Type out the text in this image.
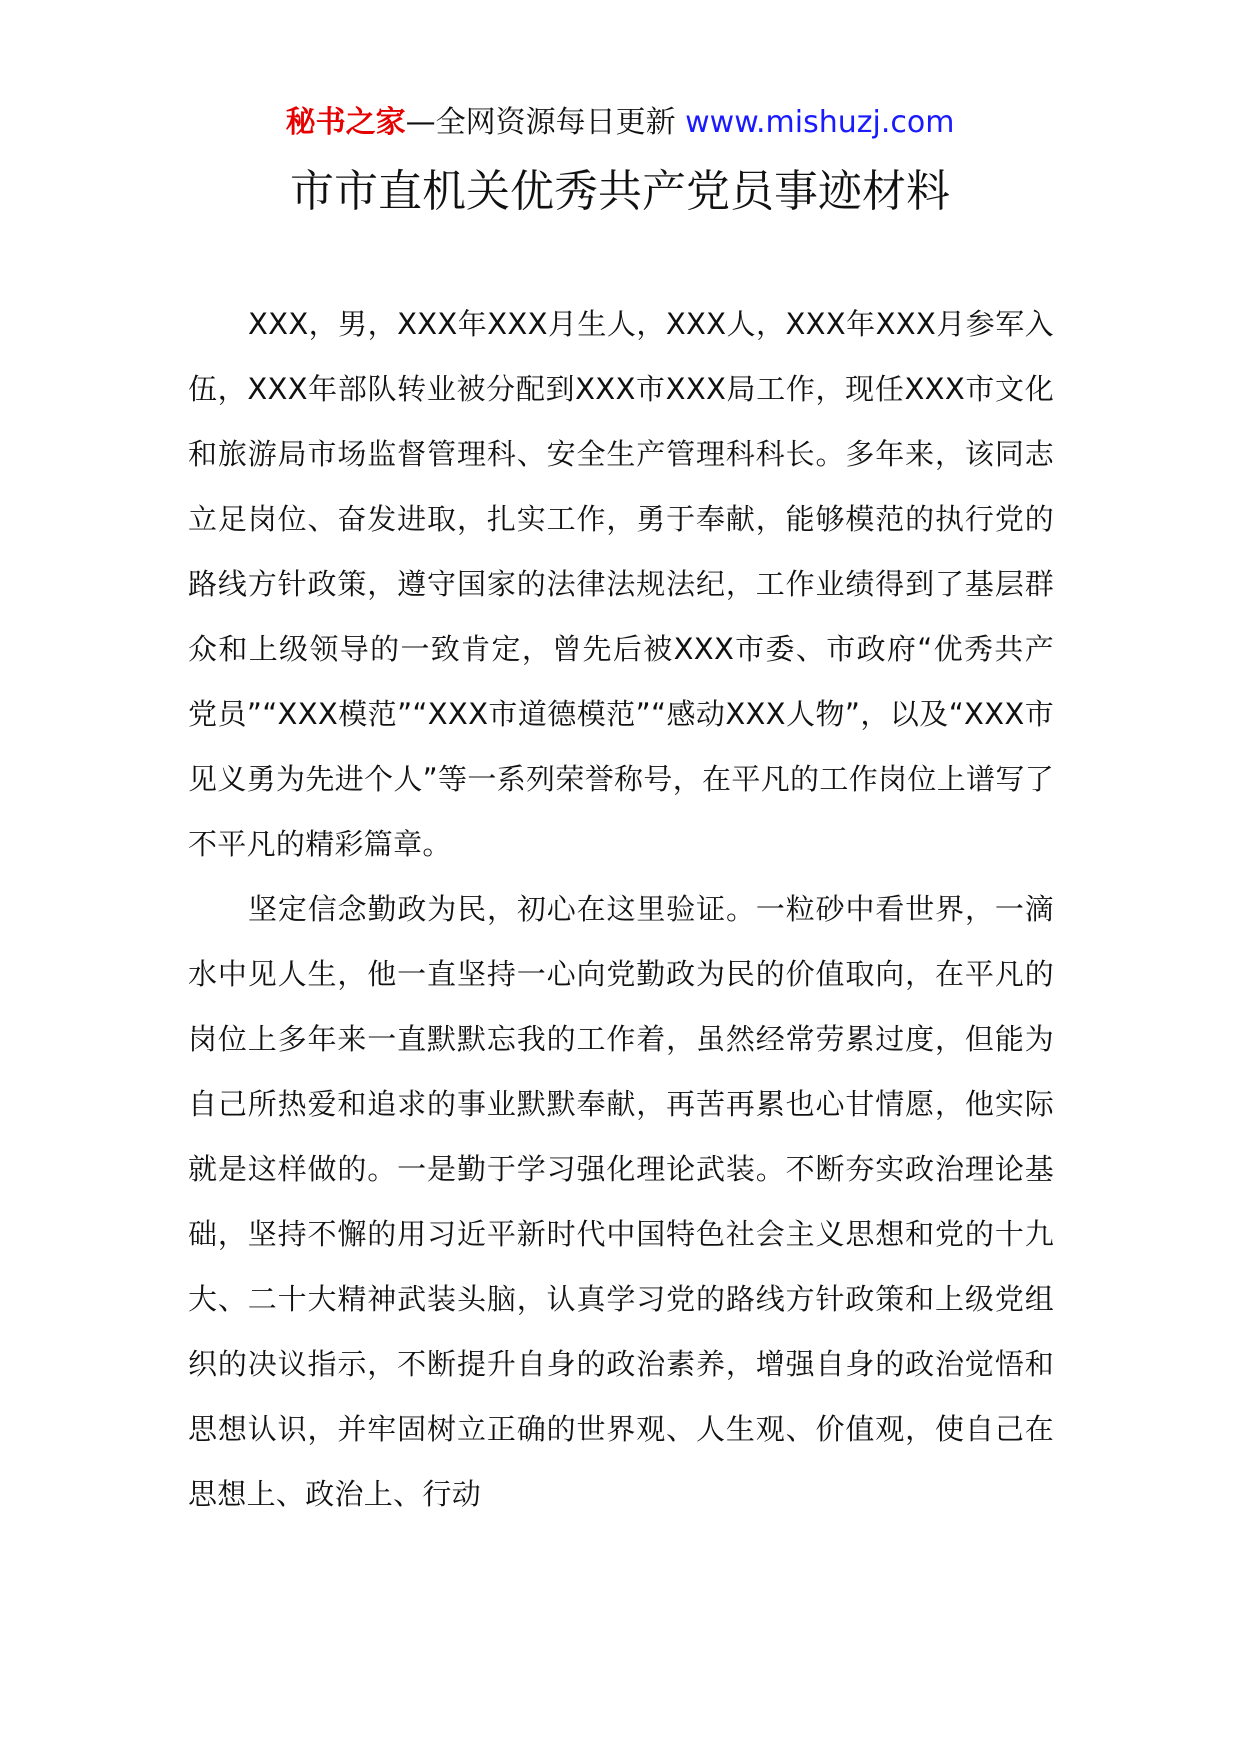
秘书之家—全网资源每日更新 www.mishuzj.com
市市直机关优秀共产党员事迹材料

XXX，男，XXX年XXX月生人，XXX人，XXX年XXX月参军入伍，XXX年部队转业被分配到XXX市XXX局工作，现任XXX市文化和旅游局市场监督管理科、安全生产管理科科长。多年来，该同志立足岗位、奋发进取，扎实工作，勇于奉献，能够模范的执行党的路线方针政策，遵守国家的法律法规法纪，工作业绩得到了基层群众和上级领导的一致肯定，曾先后被XXX市委、市政府“优秀共产党员”“XXX模范”“XXX市道德模范”“感动XXX人物”，以及“XXX市见义勇为先进个人”等一系列荣誉称号，在平凡的工作岗位上谱写了不平凡的精彩篇章。

坚定信念勤政为民，初心在这里验证。一粒砂中看世界，一滴水中见人生，他一直坚持一心向党勤政为民的价值取向，在平凡的岗位上多年来一直默默忘我的工作着，虽然经常劳累过度，但能为自己所热爱和追求的事业默默奉献，再苦再累也心甘情愿，他实际就是这样做的。一是勤于学习强化理论武装。不断夯实政治理论基础，坚持不懈的用习近平新时代中国特色社会主义思想和党的十九大、二十大精神武装头脑，认真学习党的路线方针政策和上级党组织的决议指示，不断提升自身的政治素养，增强自身的政治觉悟和思想认识，并牢固树立正确的世界观、人生观、价值观，使自己在思想上、政治上、行动
